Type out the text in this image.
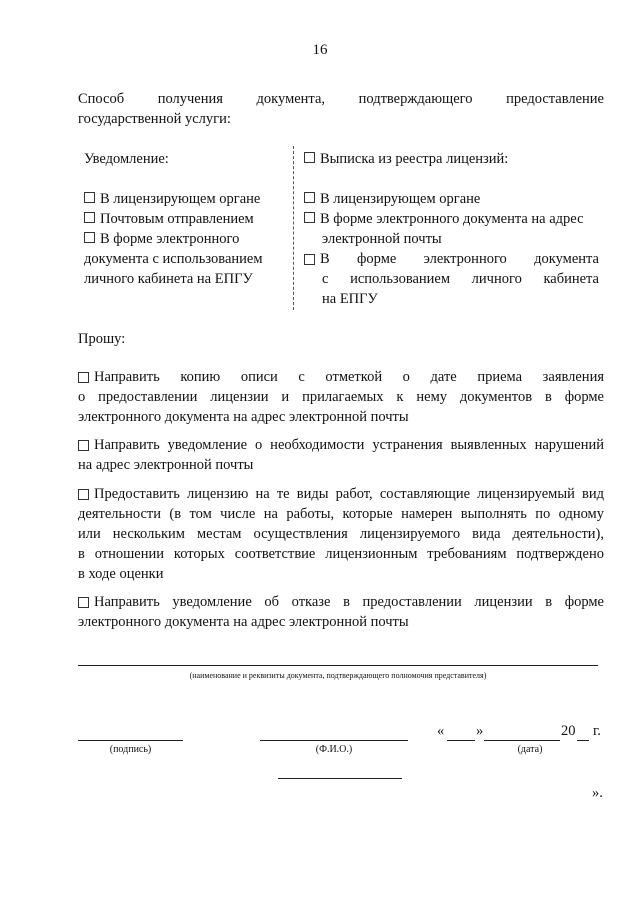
16
Способ получения документа, подтверждающего предоставление
государственной услуги:
Уведомление:
В лицензирующем органе
Почтовым отправлением
В форме электронного
документа с использованием
личного кабинета на ЕПГУ
Выписка из реестра лицензий:
В лицензирующем органе
В форме электронного документа на адрес
электронной почты
В форме электронного документа
с использованием личного кабинета
на ЕПГУ
Прошу:
Направить копию описи с отметкой о дате приема заявления
о предоставлении лицензии и прилагаемых к нему документов в форме
электронного документа на адрес электронной почты
Направить уведомление о необходимости устранения выявленных нарушений
на адрес электронной почты
Предоставить лицензию на те виды работ, составляющие лицензируемый вид
деятельности (в том числе на работы, которые намерен выполнять по одному
или нескольким местам осуществления лицензируемого вида деятельности),
в отношении которых соответствие лицензионным требованиям подтверждено
в ходе оценки
Направить уведомление об отказе в предоставлении лицензии в форме
электронного документа на адрес электронной почты
(наименование и реквизиты документа, подтверждающего полномочия представителя)
(подпись)	(Ф.И.О.)
« »	20 г.
(дата)
».
